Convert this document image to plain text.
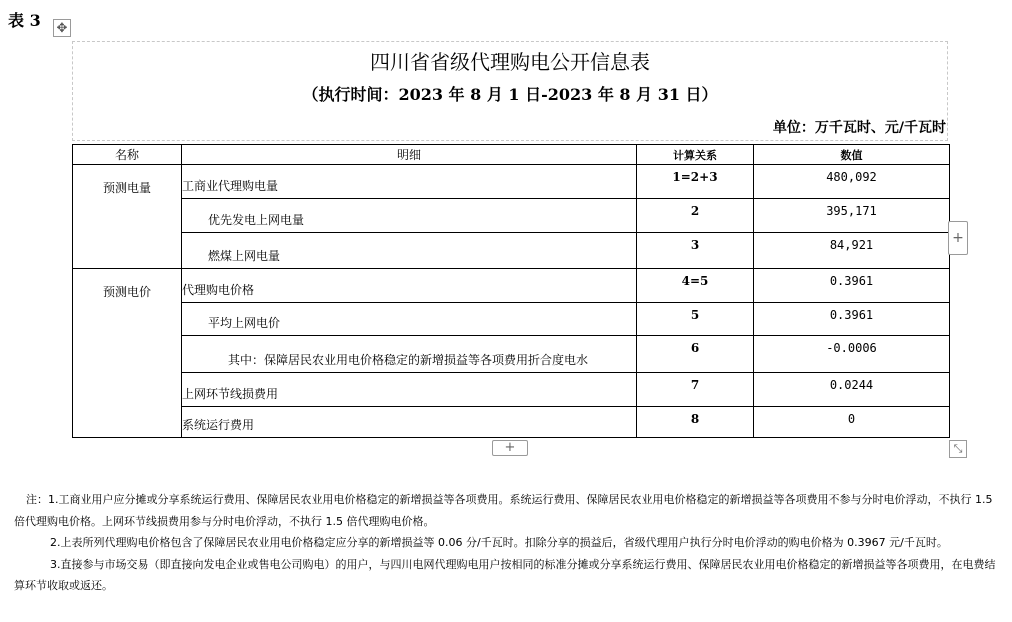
表 3 ✥
四川省省级代理购电公开信息表
（执行时间：2023 年 8 月 1 日-2023 年 8 月 31 日）
单位：万千瓦时、元/千瓦时
名称	明细	计算关系	数值
预测电量	工商业代理购电量	1=2+3	480,092
	优先发电上网电量	2	395,171
	燃煤上网电量	3	84,921
预测电价	代理购电价格	4=5	0.3961
	平均上网电价	5	0.3961
	其中：保障居民农业用电价格稳定的新增损益等各项费用折合度电水	6	-0.0006
	上网环节线损费用	7	0.0244
	系统运行费用	8	0
+
+	⤡

注：1.工商业用户应分摊或分享系统运行费用、保障居民农业用电价格稳定的新增损益等各项费用。系统运行费用、保障居民农业用电价格稳定的新增损益等各项费用不参与分时电价浮动，不执行 1.5 倍代理购电价格。上网环节线损费用参与分时电价浮动，不执行 1.5 倍代理购电价格。

2.上表所列代理购电价格包含了保障居民农业用电价格稳定应分享的新增损益等 0.06 分/千瓦时。扣除分享的损益后，省级代理用户执行分时电价浮动的购电价格为 0.3967 元/千瓦时。

3.直接参与市场交易（即直接向发电企业或售电公司购电）的用户，与四川电网代理购电用户按相同的标准分摊或分享系统运行费用、保障居民农业用电价格稳定的新增损益等各项费用，在电费结算环节收取或返还。
